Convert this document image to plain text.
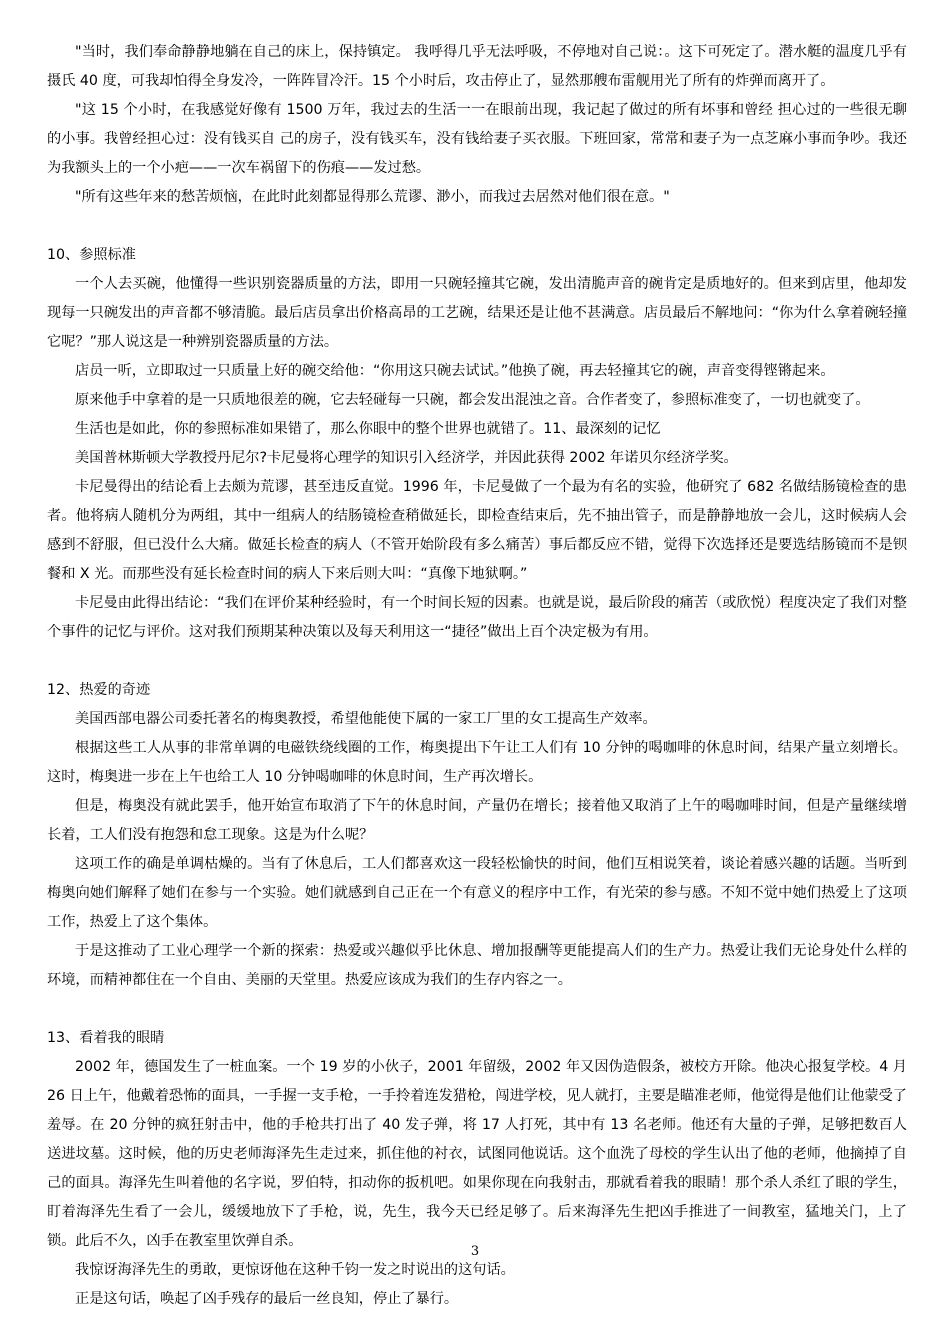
"当时，我们奉命静静地躺在自己的床上，保持镇定。 我呼得几乎无法呼吸，不停地对自己说：。这下可死定了。潜水艇的温度几乎有摄氏 40 度，可我却怕得全身发冷，一阵阵冒冷汗。15 个小时后，攻击停止了，显然那艘布雷舰用光了所有的炸弹而离开了。

"这 15 个小时，在我感觉好像有 1500 万年，我过去的生活一一在眼前出现，我记起了做过的所有坏事和曾经 担心过的一些很无聊的小事。我曾经担心过：没有钱买自 己的房子，没有钱买车，没有钱给妻子买衣服。下班回家，常常和妻子为一点芝麻小事而争吵。我还为我额头上的一个小疤——一次车祸留下的伤痕——发过愁。

"所有这些年来的愁苦烦恼，在此时此刻都显得那么荒谬、渺小，而我过去居然对他们很在意。"

10、参照标准

一个人去买碗，他懂得一些识别瓷器质量的方法，即用一只碗轻撞其它碗，发出清脆声音的碗肯定是质地好的。但来到店里，他却发现每一只碗发出的声音都不够清脆。最后店员拿出价格高昂的工艺碗，结果还是让他不甚满意。店员最后不解地问：“你为什么拿着碗轻撞它呢？”那人说这是一种辨别瓷器质量的方法。

店员一听，立即取过一只质量上好的碗交给他：“你用这只碗去试试。”他换了碗，再去轻撞其它的碗，声音变得铿锵起来。

原来他手中拿着的是一只质地很差的碗，它去轻碰每一只碗，都会发出混浊之音。合作者变了，参照标准变了，一切也就变了。

生活也是如此，你的参照标准如果错了，那么你眼中的整个世界也就错了。11、最深刻的记忆

美国普林斯顿大学教授丹尼尔?卡尼曼将心理学的知识引入经济学，并因此获得 2002 年诺贝尔经济学奖。

卡尼曼得出的结论看上去颇为荒谬，甚至违反直觉。1996 年，卡尼曼做了一个最为有名的实验，他研究了 682 名做结肠镜检查的患者。他将病人随机分为两组，其中一组病人的结肠镜检查稍做延长，即检查结束后，先不抽出管子，而是静静地放一会儿，这时候病人会感到不舒服，但已没什么大痛。做延长检查的病人（不管开始阶段有多么痛苦）事后都反应不错，觉得下次选择还是要选结肠镜而不是钡餐和 X 光。而那些没有延长检查时间的病人下来后则大叫：“真像下地狱啊。”

卡尼曼由此得出结论：“我们在评价某种经验时，有一个时间长短的因素。也就是说，最后阶段的痛苦（或欣悦）程度决定了我们对整个事件的记忆与评价。这对我们预期某种决策以及每天利用这一“捷径”做出上百个决定极为有用。

12、热爱的奇迹

美国西部电器公司委托著名的梅奥教授，希望他能使下属的一家工厂里的女工提高生产效率。

根据这些工人从事的非常单调的电磁铁绕线圈的工作，梅奥提出下午让工人们有 10 分钟的喝咖啡的休息时间，结果产量立刻增长。这时，梅奥进一步在上午也给工人 10 分钟喝咖啡的休息时间，生产再次增长。

但是，梅奥没有就此罢手，他开始宣布取消了下午的休息时间，产量仍在增长；接着他又取消了上午的喝咖啡时间，但是产量继续增长着，工人们没有抱怨和怠工现象。这是为什么呢？

这项工作的确是单调枯燥的。当有了休息后，工人们都喜欢这一段轻松愉快的时间，他们互相说笑着，谈论着感兴趣的话题。当听到梅奥向她们解释了她们在参与一个实验。她们就感到自己正在一个有意义的程序中工作，有光荣的参与感。不知不觉中她们热爱上了这项工作，热爱上了这个集体。

于是这推动了工业心理学一个新的探索：热爱或兴趣似乎比休息、增加报酬等更能提高人们的生产力。热爱让我们无论身处什么样的环境，而精神都住在一个自由、美丽的天堂里。热爱应该成为我们的生存内容之一。

13、看着我的眼睛

2002 年，德国发生了一桩血案。一个 19 岁的小伙子，2001 年留级，2002 年又因伪造假条，被校方开除。他决心报复学校。4 月 26 日上午，他戴着恐怖的面具，一手握一支手枪，一手拎着连发猎枪，闯进学校，见人就打，主要是瞄准老师，他觉得是他们让他蒙受了羞辱。在 20 分钟的疯狂射击中，他的手枪共打出了 40 发子弹，将 17 人打死，其中有 13 名老师。他还有大量的子弹，足够把数百人送进坟墓。这时候，他的历史老师海泽先生走过来，抓住他的衬衣，试图同他说话。这个血洗了母校的学生认出了他的老师，他摘掉了自己的面具。海泽先生叫着他的名字说，罗伯特，扣动你的扳机吧。如果你现在向我射击，那就看着我的眼睛！那个杀人杀红了眼的学生，盯着海泽先生看了一会儿，缓缓地放下了手枪，说，先生，我今天已经足够了。后来海泽先生把凶手推进了一间教室，猛地关门，上了锁。此后不久，凶手在教室里饮弹自杀。

我惊讶海泽先生的勇敢，更惊讶他在这种千钧一发之时说出的这句话。

正是这句话，唤起了凶手残存的最后一丝良知，停止了暴行。

3
